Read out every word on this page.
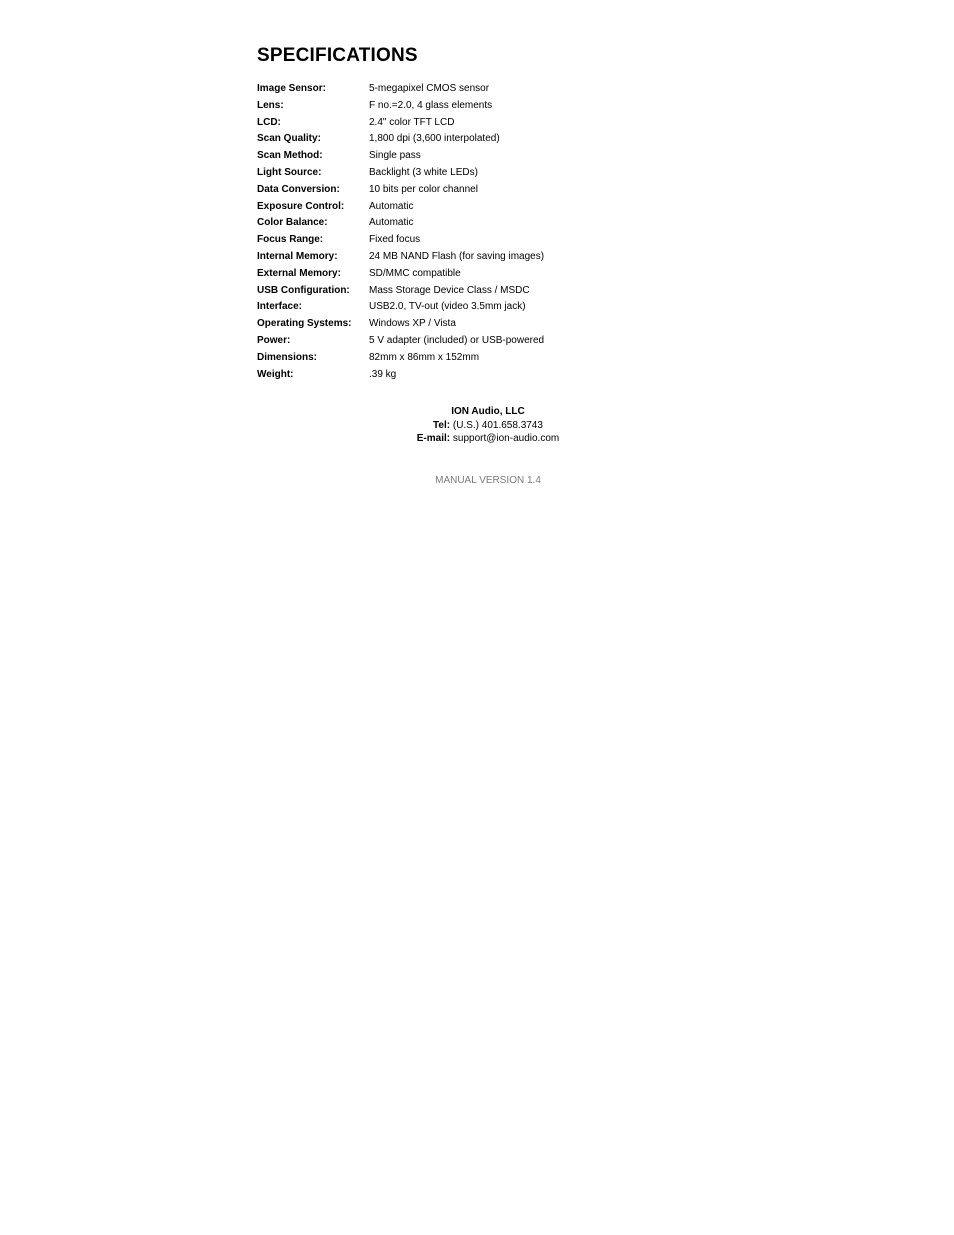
SPECIFICATIONS
Image Sensor:	5-megapixel CMOS sensor
Lens:	F no.=2.0, 4 glass elements
LCD:	2.4" color TFT LCD
Scan Quality:	1,800 dpi (3,600 interpolated)
Scan Method:	Single pass
Light Source:	Backlight (3 white LEDs)
Data Conversion:	10 bits per color channel
Exposure Control:	Automatic
Color Balance:	Automatic
Focus Range:	Fixed focus
Internal Memory:	24 MB NAND Flash (for saving images)
External Memory:	SD/MMC compatible
USB Configuration:	Mass Storage Device Class / MSDC
Interface:	USB2.0, TV-out (video 3.5mm jack)
Operating Systems:	Windows XP / Vista
Power:	5 V adapter (included) or USB-powered
Dimensions:	82mm x 86mm x 152mm
Weight:	.39 kg
ION Audio, LLC
Tel: (U.S.) 401.658.3743
E-mail: support@ion-audio.com
MANUAL VERSION 1.4
